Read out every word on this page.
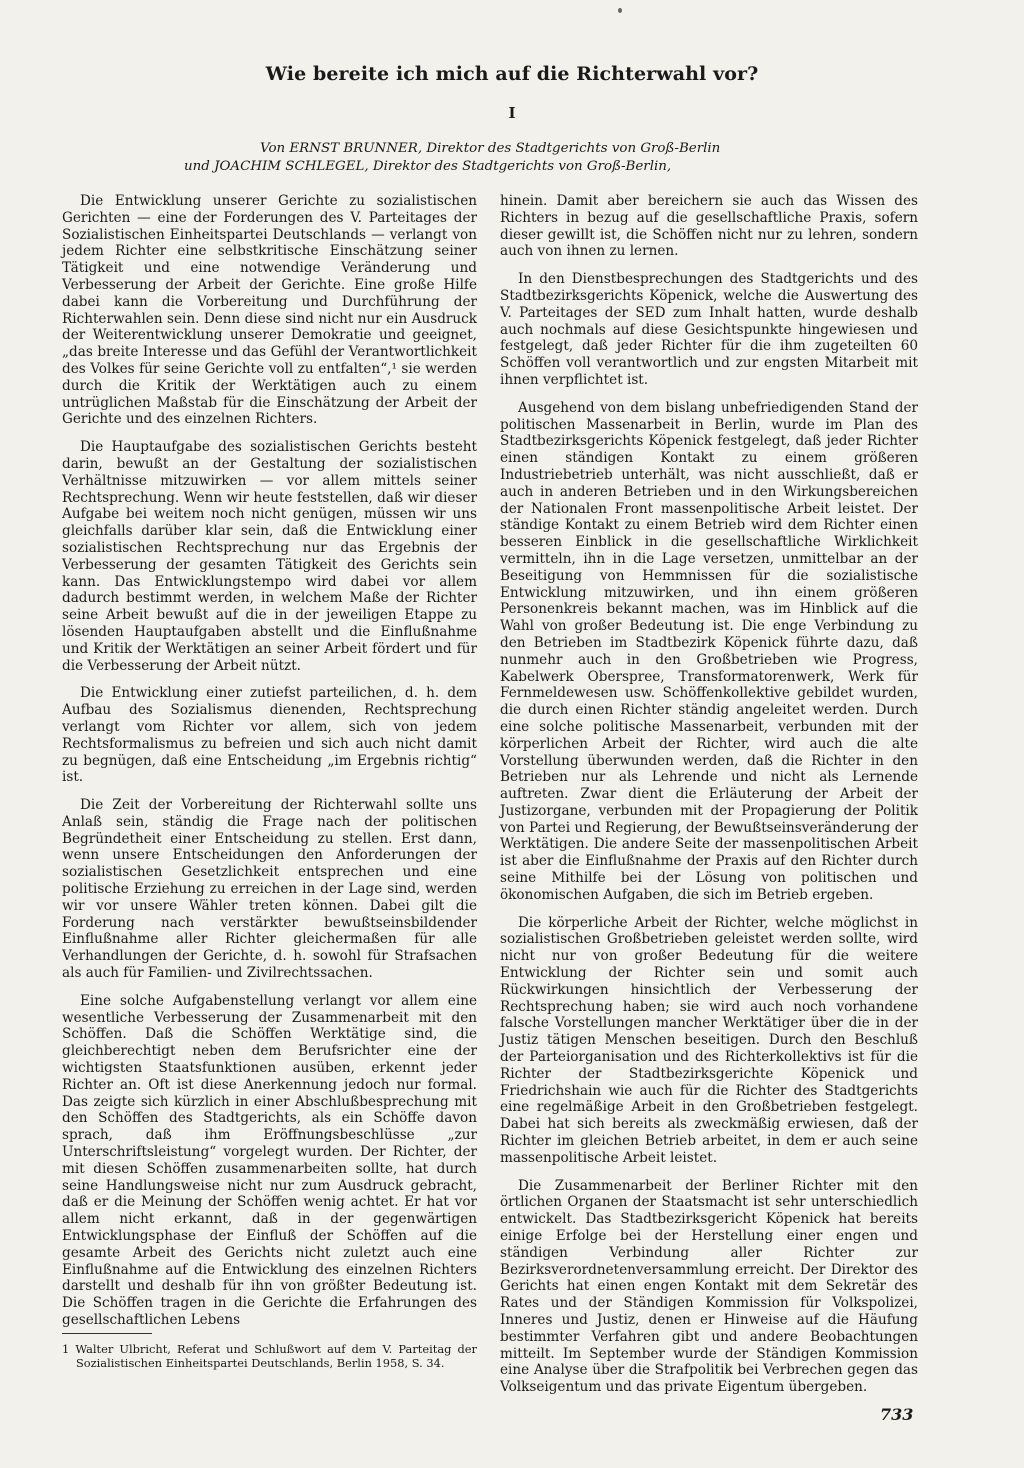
Wie bereite ich mich auf die Richterwahl vor?
I
Von ERNST BRUNNER, Direktor des Stadtgerichts von Groß-Berlin
und JOACHIM SCHLEGEL, Direktor des Stadtgerichts von Groß-Berlin,

Die Entwicklung unserer Gerichte zu sozialistischen Gerichten — eine der Forderungen des V. Parteitages der Sozialistischen Einheitspartei Deutschlands — verlangt von jedem Richter eine selbstkritische Einschätzung seiner Tätigkeit und eine notwendige Veränderung und Verbesserung der Arbeit der Gerichte. Eine große Hilfe dabei kann die Vorbereitung und Durchführung der Richterwahlen sein. Denn diese sind nicht nur ein Ausdruck der Weiterentwicklung unserer Demokratie und geeignet, „das breite Interesse und das Gefühl der Verantwortlichkeit des Volkes für seine Gerichte voll zu entfalten“,¹ sie werden durch die Kritik der Werktätigen auch zu einem untrüglichen Maßstab für die Einschätzung der Arbeit der Gerichte und des einzelnen Richters.

Die Hauptaufgabe des sozialistischen Gerichts besteht darin, bewußt an der Gestaltung der sozialistischen Verhältnisse mitzuwirken — vor allem mittels seiner Rechtsprechung. Wenn wir heute feststellen, daß wir dieser Aufgabe bei weitem noch nicht genügen, müssen wir uns gleichfalls darüber klar sein, daß die Entwicklung einer sozialistischen Rechtsprechung nur das Ergebnis der Verbesserung der gesamten Tätigkeit des Gerichts sein kann. Das Entwicklungstempo wird dabei vor allem dadurch bestimmt werden, in welchem Maße der Richter seine Arbeit bewußt auf die in der jeweiligen Etappe zu lösenden Hauptaufgaben abstellt und die Einflußnahme und Kritik der Werktätigen an seiner Arbeit fördert und für die Verbesserung der Arbeit nützt.

Die Entwicklung einer zutiefst parteilichen, d. h. dem Aufbau des Sozialismus dienenden, Rechtsprechung verlangt vom Richter vor allem, sich von jedem Rechtsformalismus zu befreien und sich auch nicht damit zu begnügen, daß eine Entscheidung „im Ergebnis richtig“ ist.

Die Zeit der Vorbereitung der Richterwahl sollte uns Anlaß sein, ständig die Frage nach der politischen Begründetheit einer Entscheidung zu stellen. Erst dann, wenn unsere Entscheidungen den Anforderungen der sozialistischen Gesetzlichkeit entsprechen und eine politische Erziehung zu erreichen in der Lage sind, werden wir vor unsere Wähler treten können. Dabei gilt die Forderung nach verstärkter bewußtseinsbildender Einflußnahme aller Richter gleichermaßen für alle Verhandlungen der Gerichte, d. h. sowohl für Strafsachen als auch für Familien- und Zivilrechtssachen.

Eine solche Aufgabenstellung verlangt vor allem eine wesentliche Verbesserung der Zusammenarbeit mit den Schöffen. Daß die Schöffen Werktätige sind, die gleichberechtigt neben dem Berufsrichter eine der wichtigsten Staatsfunktionen ausüben, erkennt jeder Richter an. Oft ist diese Anerkennung jedoch nur formal. Das zeigte sich kürzlich in einer Abschlußbesprechung mit den Schöffen des Stadtgerichts, als ein Schöffe davon sprach, daß ihm Eröffnungsbeschlüsse „zur Unterschriftsleistung“ vorgelegt wurden. Der Richter, der mit diesen Schöffen zusammenarbeiten sollte, hat durch seine Handlungsweise nicht nur zum Ausdruck gebracht, daß er die Meinung der Schöffen wenig achtet. Er hat vor allem nicht erkannt, daß in der gegenwärtigen Entwicklungsphase der Einfluß der Schöffen auf die gesamte Arbeit des Gerichts nicht zuletzt auch eine Einflußnahme auf die Entwicklung des einzelnen Richters darstellt und deshalb für ihn von größter Bedeutung ist. Die Schöffen tragen in die Gerichte die Erfahrungen des gesellschaftlichen Lebens

hinein. Damit aber bereichern sie auch das Wissen des Richters in bezug auf die gesellschaftliche Praxis, sofern dieser gewillt ist, die Schöffen nicht nur zu lehren, sondern auch von ihnen zu lernen.

In den Dienstbesprechungen des Stadtgerichts und des Stadtbezirksgerichts Köpenick, welche die Auswertung des V. Parteitages der SED zum Inhalt hatten, wurde deshalb auch nochmals auf diese Gesichtspunkte hingewiesen und festgelegt, daß jeder Richter für die ihm zugeteilten 60 Schöffen voll verantwortlich und zur engsten Mitarbeit mit ihnen verpflichtet ist.

Ausgehend von dem bislang unbefriedigenden Stand der politischen Massenarbeit in Berlin, wurde im Plan des Stadtbezirksgerichts Köpenick festgelegt, daß jeder Richter einen ständigen Kontakt zu einem größeren Industriebetrieb unterhält, was nicht ausschließt, daß er auch in anderen Betrieben und in den Wirkungsbereichen der Nationalen Front massenpolitische Arbeit leistet. Der ständige Kontakt zu einem Betrieb wird dem Richter einen besseren Einblick in die gesellschaftliche Wirklichkeit vermitteln, ihn in die Lage versetzen, unmittelbar an der Beseitigung von Hemmnissen für die sozialistische Entwicklung mitzuwirken, und ihn einem größeren Personenkreis bekannt machen, was im Hinblick auf die Wahl von großer Bedeutung ist. Die enge Verbindung zu den Betrieben im Stadtbezirk Köpenick führte dazu, daß nunmehr auch in den Großbetrieben wie Progress, Kabelwerk Oberspree, Transformatorenwerk, Werk für Fernmeldewesen usw. Schöffenkollektive gebildet wurden, die durch einen Richter ständig angeleitet werden. Durch eine solche politische Massenarbeit, verbunden mit der körperlichen Arbeit der Richter, wird auch die alte Vorstellung überwunden werden, daß die Richter in den Betrieben nur als Lehrende und nicht als Lernende auftreten. Zwar dient die Erläuterung der Arbeit der Justizorgane, verbunden mit der Propagierung der Politik von Partei und Regierung, der Bewußtseinsveränderung der Werktätigen. Die andere Seite der massenpolitischen Arbeit ist aber die Einflußnahme der Praxis auf den Richter durch seine Mithilfe bei der Lösung von politischen und ökonomischen Aufgaben, die sich im Betrieb ergeben.

Die körperliche Arbeit der Richter, welche möglichst in sozialistischen Großbetrieben geleistet werden sollte, wird nicht nur von großer Bedeutung für die weitere Entwicklung der Richter sein und somit auch Rückwirkungen hinsichtlich der Verbesserung der Rechtsprechung haben; sie wird auch noch vorhandene falsche Vorstellungen mancher Werktätiger über die in der Justiz tätigen Menschen beseitigen. Durch den Beschluß der Parteiorganisation und des Richterkollektivs ist für die Richter der Stadtbezirksgerichte Köpenick und Friedrichshain wie auch für die Richter des Stadtgerichts eine regelmäßige Arbeit in den Großbetrieben festgelegt. Dabei hat sich bereits als zweckmäßig erwiesen, daß der Richter im gleichen Betrieb arbeitet, in dem er auch seine massenpolitische Arbeit leistet.

Die Zusammenarbeit der Berliner Richter mit den örtlichen Organen der Staatsmacht ist sehr unterschiedlich entwickelt. Das Stadtbezirksgericht Köpenick hat bereits einige Erfolge bei der Herstellung einer engen und ständigen Verbindung aller Richter zur Bezirksverordnetenversammlung erreicht. Der Direktor des Gerichts hat einen engen Kontakt mit dem Sekretär des Rates und der Ständigen Kommission für Volkspolizei, Inneres und Justiz, denen er Hinweise auf die Häufung bestimmter Verfahren gibt und andere Beobachtungen mitteilt. Im September wurde der Ständigen Kommission eine Analyse über die Strafpolitik bei Verbrechen gegen das Volkseigentum und das private Eigentum übergeben.

1 Walter Ulbricht, Referat und Schlußwort auf dem V. Parteitag der Sozialistischen Einheitspartei Deutschlands, Berlin 1958, S. 34.
733
